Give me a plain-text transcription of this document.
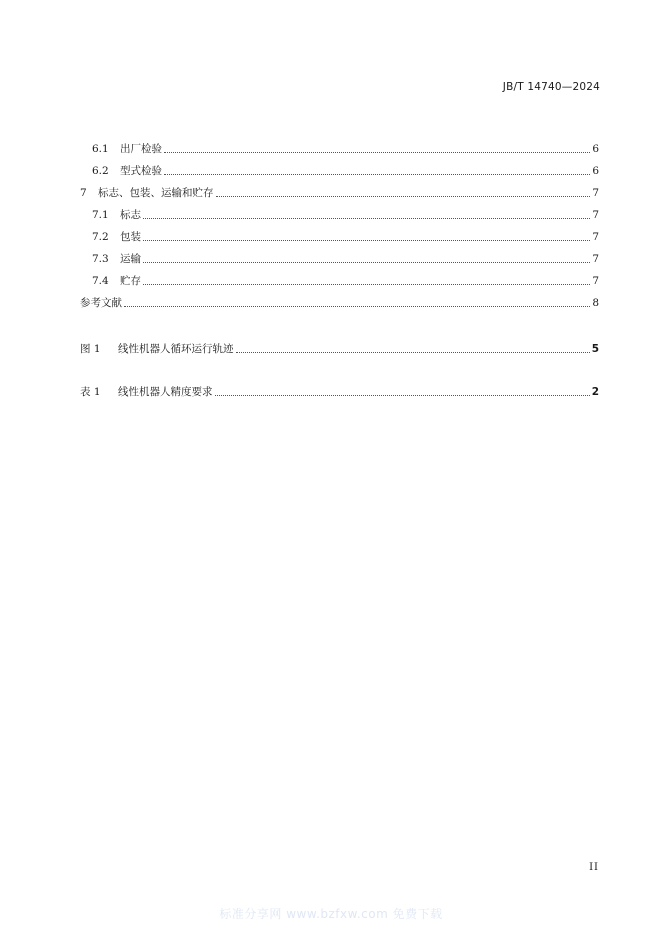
JB/T 14740—2024
6.1	出厂检验	6
6.2	型式检验	6
7	标志、包装、运输和贮存	7
7.1	标志	7
7.2	包装	7
7.3	运输	7
7.4	贮存	7
参考文献	8
图 1	线性机器人循环运行轨迹	5
表 1	线性机器人精度要求	2
II
标准分享网 www.bzfxw.com 免费下载
